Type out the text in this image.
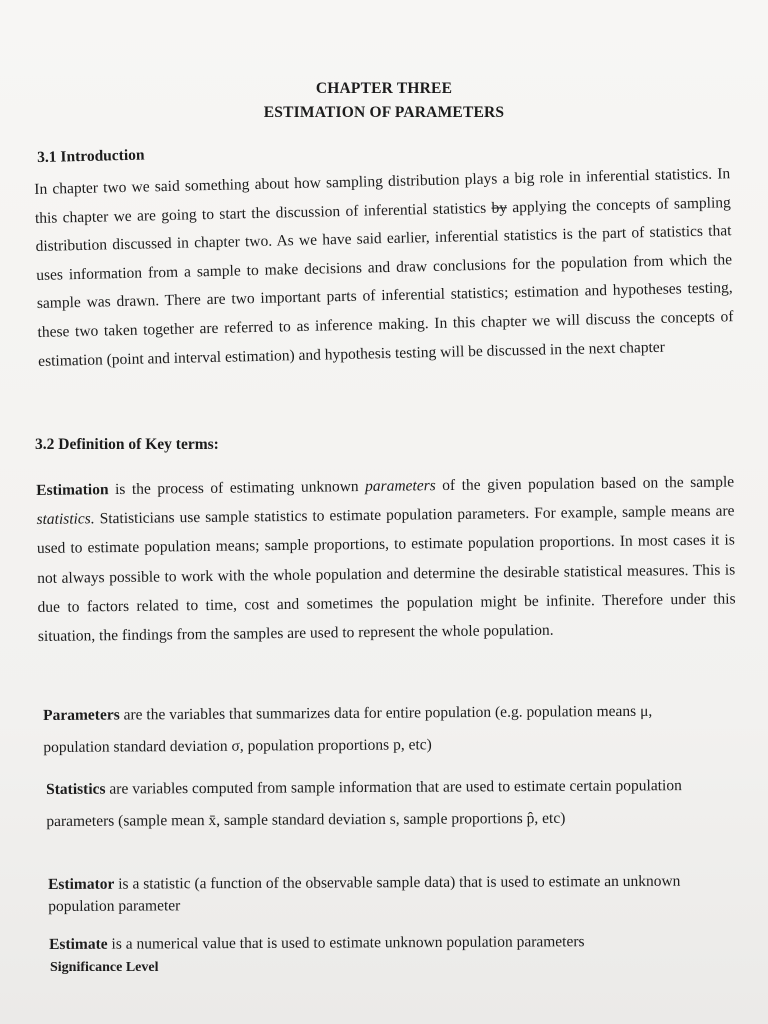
CHAPTER THREE
ESTIMATION OF PARAMETERS
3.1 Introduction

In chapter two we said something about how sampling distribution plays a big role in inferential statistics. In this chapter we are going to start the discussion of inferential statistics by applying the concepts of sampling distribution discussed in chapter two. As we have said earlier, inferential statistics is the part of statistics that uses information from a sample to make decisions and draw conclusions for the population from which the sample was drawn. There are two important parts of inferential statistics; estimation and hypotheses testing, these two taken together are referred to as inference making. In this chapter we will discuss the concepts of estimation (point and interval estimation) and hypothesis testing will be discussed in the next chapter

3.2 Definition of Key terms:

Estimation is the process of estimating unknown parameters of the given population based on the sample statistics. Statisticians use sample statistics to estimate population parameters. For example, sample means are used to estimate population means; sample proportions, to estimate population proportions. In most cases it is not always possible to work with the whole population and determine the desirable statistical measures. This is due to factors related to time, cost and sometimes the population might be infinite. Therefore under this situation, the findings from the samples are used to represent the whole population.

Parameters are the variables that summarizes data for entire population (e.g. population means μ, population standard deviation σ, population proportions p, etc)

Statistics are variables computed from sample information that are used to estimate certain population parameters (sample mean x̄, sample standard deviation s, sample proportions p̂, etc)

Estimator is a statistic (a function of the observable sample data) that is used to estimate an unknown population parameter

Estimate is a numerical value that is used to estimate unknown population parameters

Significance Level
